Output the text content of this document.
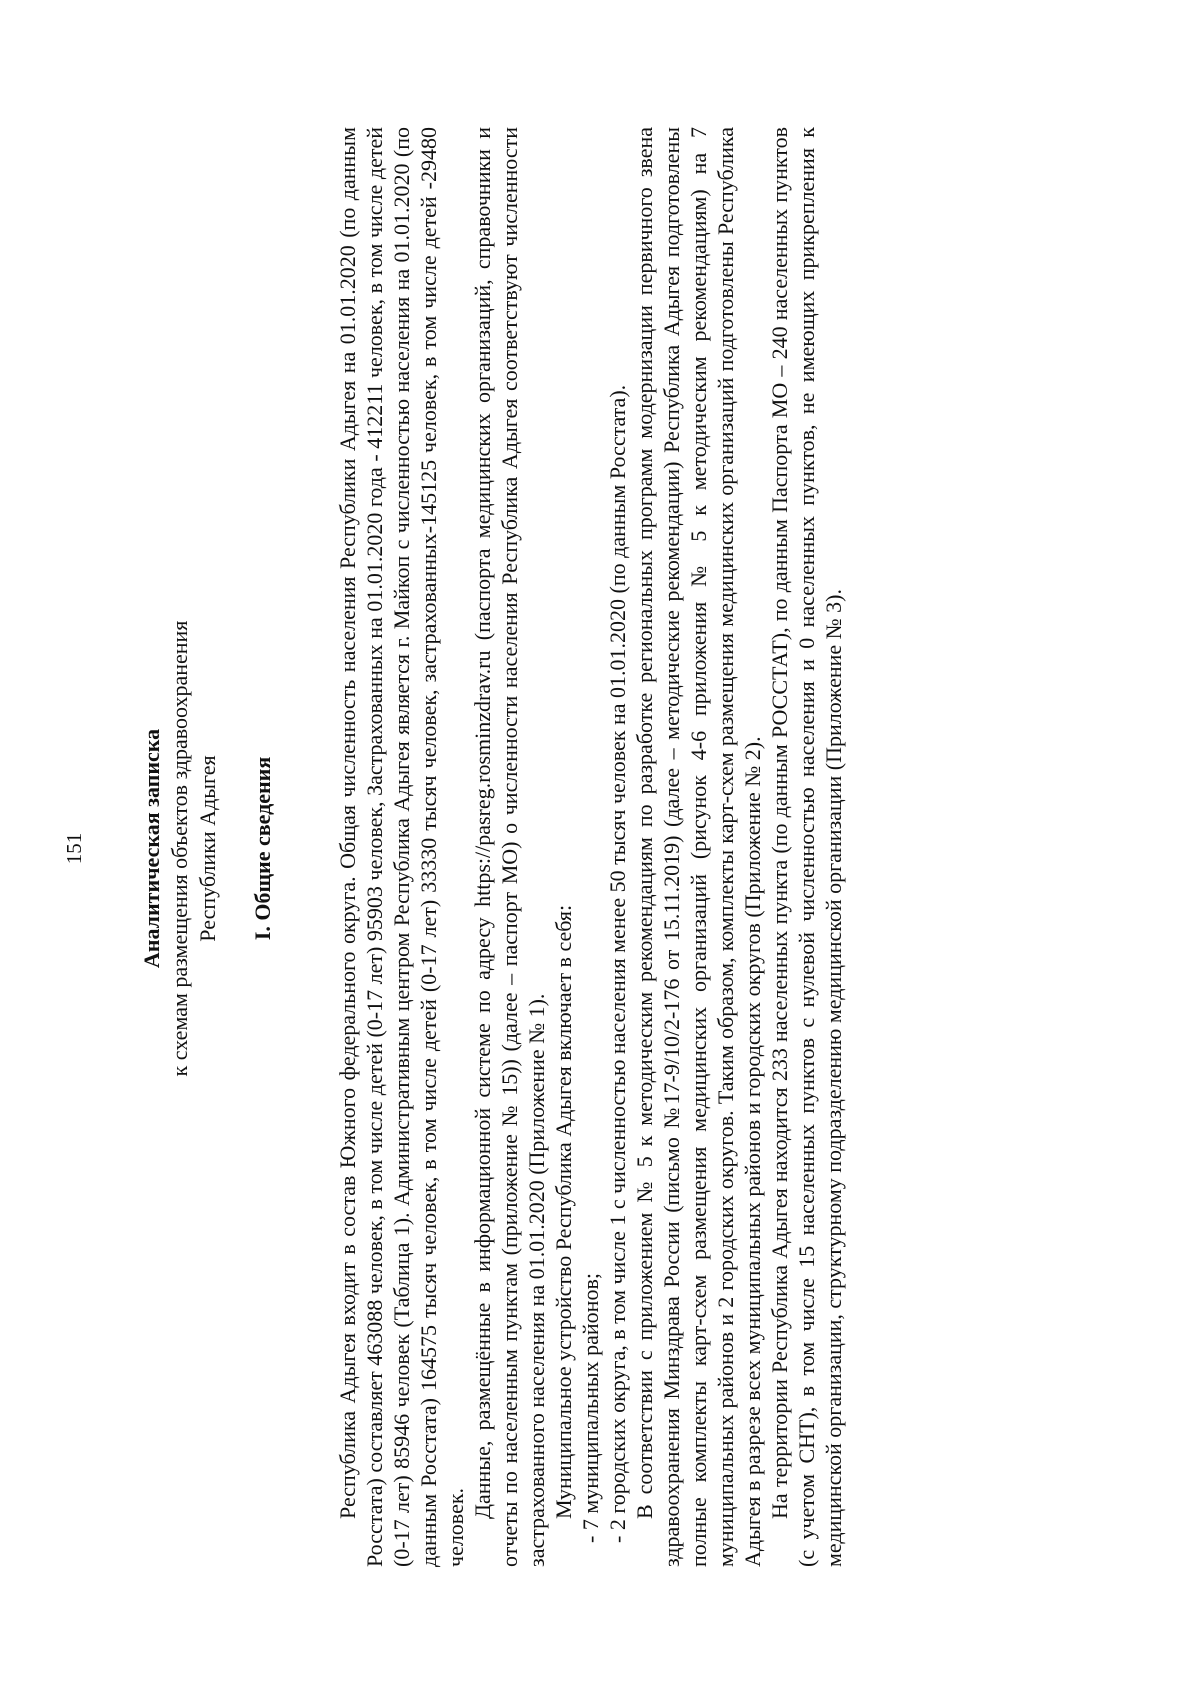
151 Аналитическая записка к схемам размещения объектов здравоохранения Республики Адыгея I. Общие сведения	Республика Адыгея входит в состав Южного федерального округа. Общая численность населения Республики Адыгея на 01.01.2020 (по данным Росстата) составляет 463088 человек, в том числе детей (0-17 лет) 95903 человек, Застрахованных на 01.01.2020 года - 412211 человек, в том числе детей (0-17 лет) 85946 человек (Таблица 1). Административным центром Республика Адыгея является г. Майкоп с численностью населения на 01.01.2020 (по данным Росстата) 164575 тысяч человек, в том числе детей (0-17 лет) 33330 тысяч человек, застрахованных-145125 человек, в том числе детей -29480 человек.

Данные, размещённые в информационной системе по адресу https://pasreg.rosminzdrav.ru (паспорта медицинских организаций, справочники и отчеты по населенным пунктам (приложение № 15)) (далее – паспорт МО) о численности населения Республика Адыгея соответствуют численности застрахованного населения на 01.01.2020 (Приложение № 1). Муниципальное устройство Республика Адыгея включает в себя: - 7 муниципальных районов; - 2 городских округа, в том числе 1 с численностью населения менее 50 тысяч человек на 01.01.2020 (по данным Росстата). В соответствии с приложением № 5 к методическим рекомендациям по разработке региональных программ модернизации первичного звена здравоохранения Минздрава России (письмо №17-9/10/2-176 от 15.11.2019) (далее – методические рекомендации) Республика Адыгея подготовлены полные комплекты карт-схем размещения медицинских организаций (рисунок 4-6 приложения № 5 к методическим рекомендациям) на 7 муниципальных районов и 2 городских округов. Таким образом, комплекты карт-схем размещения медицинских организаций подготовлены Республика Адыгея в разрезе всех муниципальных районов и городских округов (Приложение № 2). На территории Республика Адыгея находится 233 населенных пункта (по данным РОССТАТ), по данным Паспорта МО – 240 населенных пунктов (с учетом СНТ), в том числе 15 населенных пунктов с нулевой численностью населения и 0 населенных пунктов, не имеющих прикрепления к медицинской организации, структурному подразделению медицинской организации (Приложение № 3).
